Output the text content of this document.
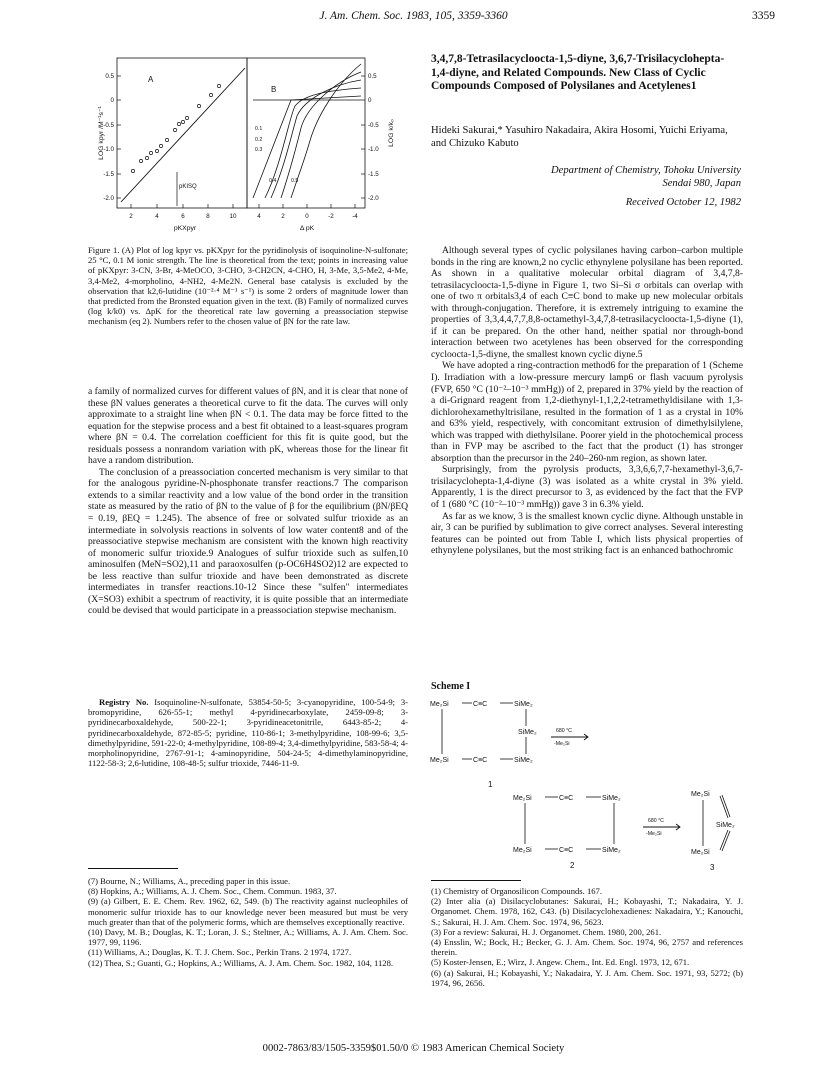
J. Am. Chem. Soc. 1983, 105, 3359-3360	3359
0.5
0
-0.5
-1.0
-1.5
-2.0
0.5
0
-0.5
-1.0
-1.5
-2.0
2	4	6	8	10	4	2	0	-2	-4
pKXpyr	Δ pK
LOG kpyr /M⁻¹s⁻¹	LOG k/k₀
A
B
pKISQ
0.1
0.2
0.3
0.4	0.5

Figure 1. (A) Plot of log kpyr vs. pKXpyr for the pyridinolysis of isoquinoline-N-sulfonate; 25 °C, 0.1 M ionic strength. The line is theoretical from the text; points in increasing value of pKXpyr: 3-CN, 3-Br, 4-MeOCO, 3-CHO, 3-CH2CN, 4-CHO, H, 3-Me, 3,5-Me2, 4-Me, 3,4-Me2, 4-morpholino, 4-NH2, 4-Me2N. General base catalysis is excluded by the observation that k2,6-lutidine (10⁻²·⁴ M⁻¹ s⁻¹) is some 2 orders of magnitude lower than that predicted from the Bronsted equation given in the text. (B) Family of normalized curves (log k/k0) vs. ΔpK for the theoretical rate law governing a preassociation stepwise mechanism (eq 2). Numbers refer to the chosen value of βN for the rate law.

a family of normalized curves for different values of βN, and it is clear that none of these βN values generates a theoretical curve to fit the data. The curves will only approximate to a straight line when βN < 0.1. The data may be force fitted to the equation for the stepwise process and a best fit obtained to a least-squares program where βN = 0.4. The correlation coefficient for this fit is quite good, but the residuals possess a nonrandom variation with pK, whereas those for the linear fit have a random distribution.

The conclusion of a preassociation concerted mechanism is very similar to that for the analogous pyridine-N-phosphonate transfer reactions.7 The comparison extends to a similar reactivity and a low value of the bond order in the transition state as measured by the ratio of βN to the value of β for the equilibrium (βN/βEQ = 0.19, βEQ = 1.245). The absence of free or solvated sulfur trioxide as an intermediate in solvolysis reactions in solvents of low water content8 and of the preassociative stepwise mechanism are consistent with the known high reactivity of monomeric sulfur trioxide.9 Analogues of sulfur trioxide such as sulfen,10 aminosulfen (MeN=SO2),11 and paraoxosulfen (p-OC6H4SO2)12 are expected to be less reactive than sulfur trioxide and have been demonstrated as discrete intermediates in transfer reactions.10-12 Since these "sulfen" intermediates (X=SO3) exhibit a spectrum of reactivity, it is quite possible that an intermediate could be devised that would participate in a preassociation stepwise mechanism.

Registry No. Isoquinoline-N-sulfonate, 53854-50-5; 3-cyanopyridine, 100-54-9; 3-bromopyridine, 626-55-1; methyl 4-pyridinecarboxylate, 2459-09-8; 3-pyridinecarboxaldehyde, 500-22-1; 3-pyridineacetonitrile, 6443-85-2; 4-pyridinecarboxaldehyde, 872-85-5; pyridine, 110-86-1; 3-methylpyridine, 108-99-6; 3,5-dimethylpyridine, 591-22-0; 4-methylpyridine, 108-89-4; 3,4-dimethylpyridine, 583-58-4; 4-morpholinopyridine, 2767-91-1; 4-aminopyridine, 504-24-5; 4-dimethylaminopyridine, 1122-58-3; 2,6-lutidine, 108-48-5; sulfur trioxide, 7446-11-9.

(7) Bourne, N.; Williams, A., preceding paper in this issue.

(8) Hopkins, A.; Williams, A. J. Chem. Soc., Chem. Commun. 1983, 37.

(9) (a) Gilbert, E. E. Chem. Rev. 1962, 62, 549. (b) The reactivity against nucleophiles of monomeric sulfur trioxide has to our knowledge never been measured but must be very much greater than that of the polymeric forms, which are themselves exceptionally reactive.

(10) Davy, M. B.; Douglas, K. T.; Loran, J. S.; Steltner, A.; Williams, A. J. Am. Chem. Soc. 1977, 99, 1196.

(11) Williams, A.; Douglas, K. T. J. Chem. Soc., Perkin Trans. 2 1974, 1727.

(12) Thea, S.; Guanti, G.; Hopkins, A.; Williams, A. J. Am. Chem. Soc. 1982, 104, 1128.

3,4,7,8-Tetrasilacycloocta-1,5-diyne, 3,6,7-Trisilacyclohepta-1,4-diyne, and Related Compounds. New Class of Cyclic Compounds Composed of Polysilanes and Acetylenes1
Hideki Sakurai,* Yasuhiro Nakadaira, Akira Hosomi, Yuichi Eriyama, and Chizuko Kabuto
Department of Chemistry, Tohoku University
Sendai 980, Japan
Received October 12, 1982

Although several types of cyclic polysilanes having carbon–carbon multiple bonds in the ring are known,2 no cyclic ethynylene polysilane has been reported. As shown in a qualitative molecular orbital diagram of 3,4,7,8-tetrasilacycloocta-1,5-diyne in Figure 1, two Si–Si σ orbitals can overlap with one of two π orbitals3,4 of each C≡C bond to make up new molecular orbitals with through-conjugation. Therefore, it is extremely intriguing to examine the properties of 3,3,4,4,7,7,8,8-octamethyl-3,4,7,8-tetrasilacycloocta-1,5-diyne (1), if it can be prepared. On the other hand, neither spatial nor through-bond interaction between two acetylenes has been observed for the corresponding cycloocta-1,5-diyne, the smallest known cyclic diyne.5

We have adopted a ring-contraction method6 for the preparation of 1 (Scheme I). Irradiation with a low-pressure mercury lamp6 or flash vacuum pyrolysis (FVP, 650 °C (10⁻²–10⁻³ mmHg)) of 2, prepared in 37% yield by the reaction of a di-Grignard reagent from 1,2-diethynyl-1,1,2,2-tetramethyldisilane with 1,3-dichlorohexamethyltrisilane, resulted in the formation of 1 as a crystal in 10% and 63% yield, respectively, with concomitant extrusion of dimethylsilylene, which was trapped with diethylsilane. Poorer yield in the photochemical process than in FVP may be ascribed to the fact that the product (1) has stronger absorption than the precursor in the 240–260-nm region, as shown later.

Surprisingly, from the pyrolysis products, 3,3,6,6,7,7-hexamethyl-3,6,7-trisilacyclohepta-1,4-diyne (3) was isolated as a white crystal in 3% yield. Apparently, 1 is the direct precursor to 3, as evidenced by the fact that the FVP of 1 (680 °C (10⁻²–10⁻³ mmHg)) gave 3 in 6.3% yield.

As far as we know, 3 is the smallest known cyclic diyne. Although unstable in air, 3 can be purified by sublimation to give correct analyses. Several interesting features can be pointed out from Table I, which lists physical properties of ethynylene polysilanes, but the most striking fact is an enhanced bathochromic

Scheme I
Me₂Si	C≡C	SiMe₂
SiMe₂
Me₂Si	C≡C	SiMe₂
1
Me₂Si	C≡C	SiMe₂
Me₂Si	C≡C	SiMe₂
2
Me₂Si
SiMe₂
Me₂Si
3
680 °C
-Me₂Si
680 °C
-Me₂Si

(1) Chemistry of Organosilicon Compounds. 167.

(2) Inter alia (a) Disilacyclobutanes: Sakurai, H.; Kobayashi, T.; Nakadaira, Y. J. Organomet. Chem. 1978, 162, C43. (b) Disilacyclohexadienes: Nakadaira, Y.; Kanouchi, S.; Sakurai, H. J. Am. Chem. Soc. 1974, 96, 5623.

(3) For a review: Sakurai, H. J. Organomet. Chem. 1980, 200, 261.

(4) Ensslin, W.; Bock, H.; Becker, G. J. Am. Chem. Soc. 1974, 96, 2757 and references therein.

(5) Koster-Jensen, E.; Wirz, J. Angew. Chem., Int. Ed. Engl. 1973, 12, 671.

(6) (a) Sakurai, H.; Kobayashi, Y.; Nakadaira, Y. J. Am. Chem. Soc. 1971, 93, 5272; (b) 1974, 96, 2656.

0002-7863/83/1505-3359$01.50/0 © 1983 American Chemical Society
